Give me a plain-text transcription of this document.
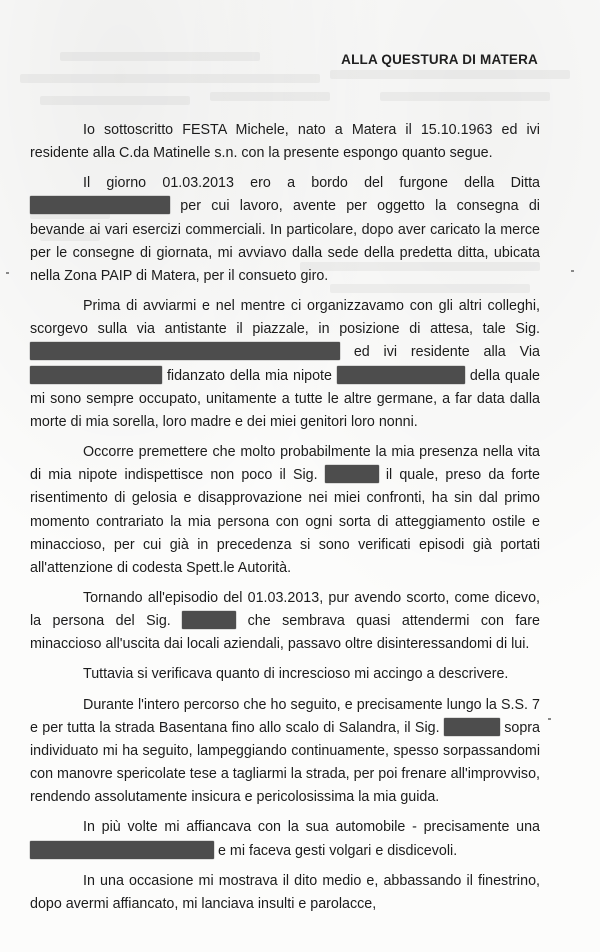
ALLA QUESTURA DI MATERA

Io sottoscritto FESTA Michele, nato a Matera il 15.10.1963 ed ivi residente alla C.da Matinelle s.n. con la presente espongo quanto segue.

Il giorno 01.03.2013 ero a bordo del furgone della Ditta  per cui lavoro, avente per oggetto la consegna di bevande ai vari esercizi commerciali. In particolare, dopo aver caricato la merce per le consegne di giornata, mi avviavo dalla sede della predetta ditta, ubicata nella Zona PAIP di Matera, per il consueto giro.

Prima di avviarmi e nel mentre ci organizzavamo con gli altri colleghi, scorgevo sulla via antistante il piazzale, in posizione di attesa, tale Sig.  ed ivi residente alla Via  fidanzato della mia nipote	della quale mi sono sempre occupato, unitamente a tutte le altre germane, a far data dalla morte di mia sorella, loro madre e dei miei genitori loro nonni.

Occorre premettere che molto probabilmente la mia presenza nella vita di mia nipote indispettisce non poco il Sig.	il quale, preso da forte risentimento di gelosia e disapprovazione nei miei confronti, ha sin dal primo momento contrariato la mia persona con ogni sorta di atteggiamento ostile e minaccioso, per cui già in precedenza si sono verificati episodi già portati all'attenzione di codesta Spett.le Autorità.

Tornando all'episodio del 01.03.2013, pur avendo scorto, come dicevo, la persona del Sig.	che sembrava quasi attendermi con fare minaccioso all'uscita dai locali aziendali, passavo oltre disinteressandomi di lui.

Tuttavia si verificava quanto di increscioso mi accingo a descrivere.

Durante l'intero percorso che ho seguito, e precisamente lungo la S.S. 7 e per tutta la strada Basentana fino allo scalo di Salandra, il Sig.	sopra individuato mi ha seguito, lampeggiando continuamente, spesso sorpassandomi con manovre spericolate tese a tagliarmi la strada, per poi frenare all'improvviso, rendendo assolutamente insicura e pericolosissima la mia guida.

In più volte mi affiancava con la sua automobile - precisamente una  e mi faceva gesti volgari e disdicevoli.

In una occasione mi mostrava il dito medio e, abbassando il finestrino, dopo avermi affiancato, mi lanciava insulti e parolacce,
